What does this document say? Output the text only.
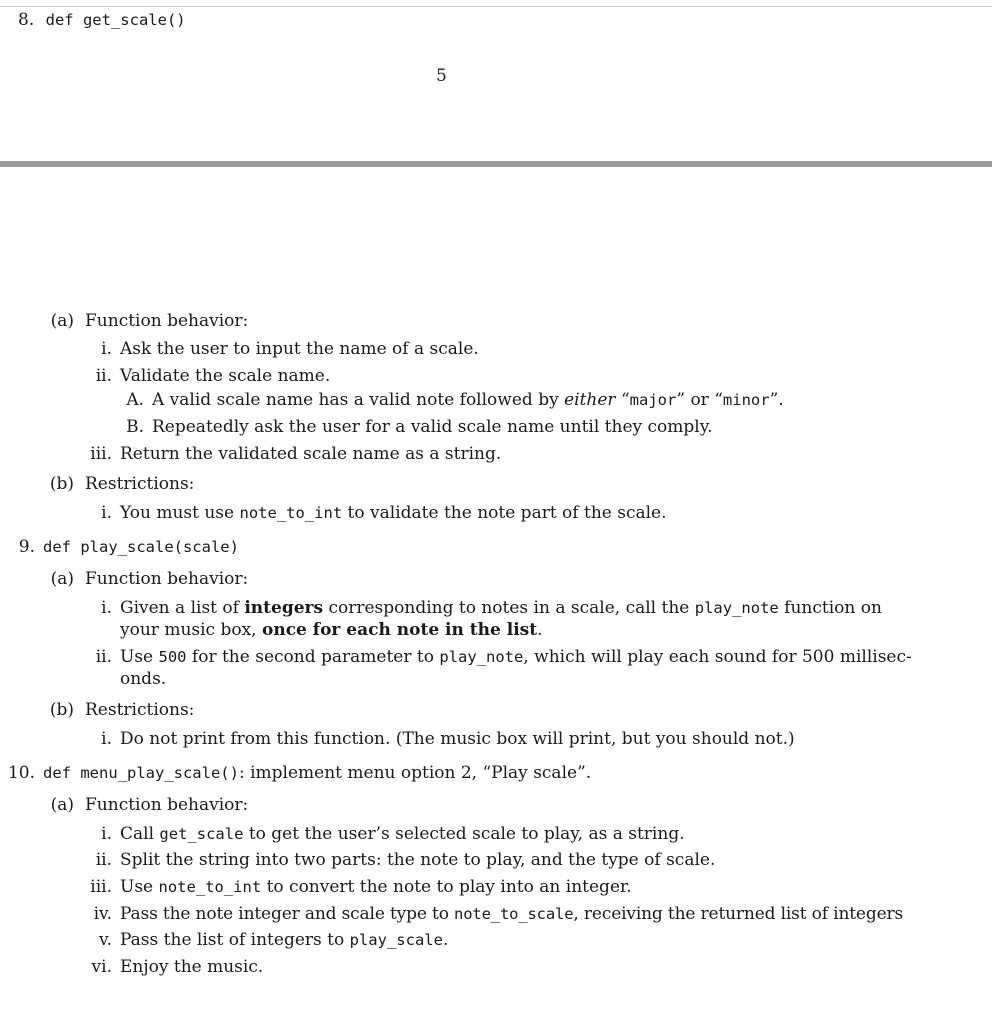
8. def get_scale()
5
(a) Function behavior:
i. Ask the user to input the name of a scale.
ii. Validate the scale name.
A. A valid scale name has a valid note followed by either “major” or “minor”.
B. Repeatedly ask the user for a valid scale name until they comply.
iii. Return the validated scale name as a string.
(b) Restrictions:
i. You must use note_to_int to validate the note part of the scale.
9. def play_scale(scale)
(a) Function behavior:
i. Given a list of integers corresponding to notes in a scale, call the play_note function on
your music box, once for each note in the list.
ii. Use 500 for the second parameter to play_note, which will play each sound for 500 millisec-
onds.
(b) Restrictions:
i. Do not print from this function. (The music box will print, but you should not.)
10. def menu_play_scale(): implement menu option 2, “Play scale”.
(a) Function behavior:
i. Call get_scale to get the user’s selected scale to play, as a string.
ii. Split the string into two parts: the note to play, and the type of scale.
iii. Use note_to_int to convert the note to play into an integer.
iv. Pass the note integer and scale type to note_to_scale, receiving the returned list of integers
v. Pass the list of integers to play_scale.
vi. Enjoy the music.
